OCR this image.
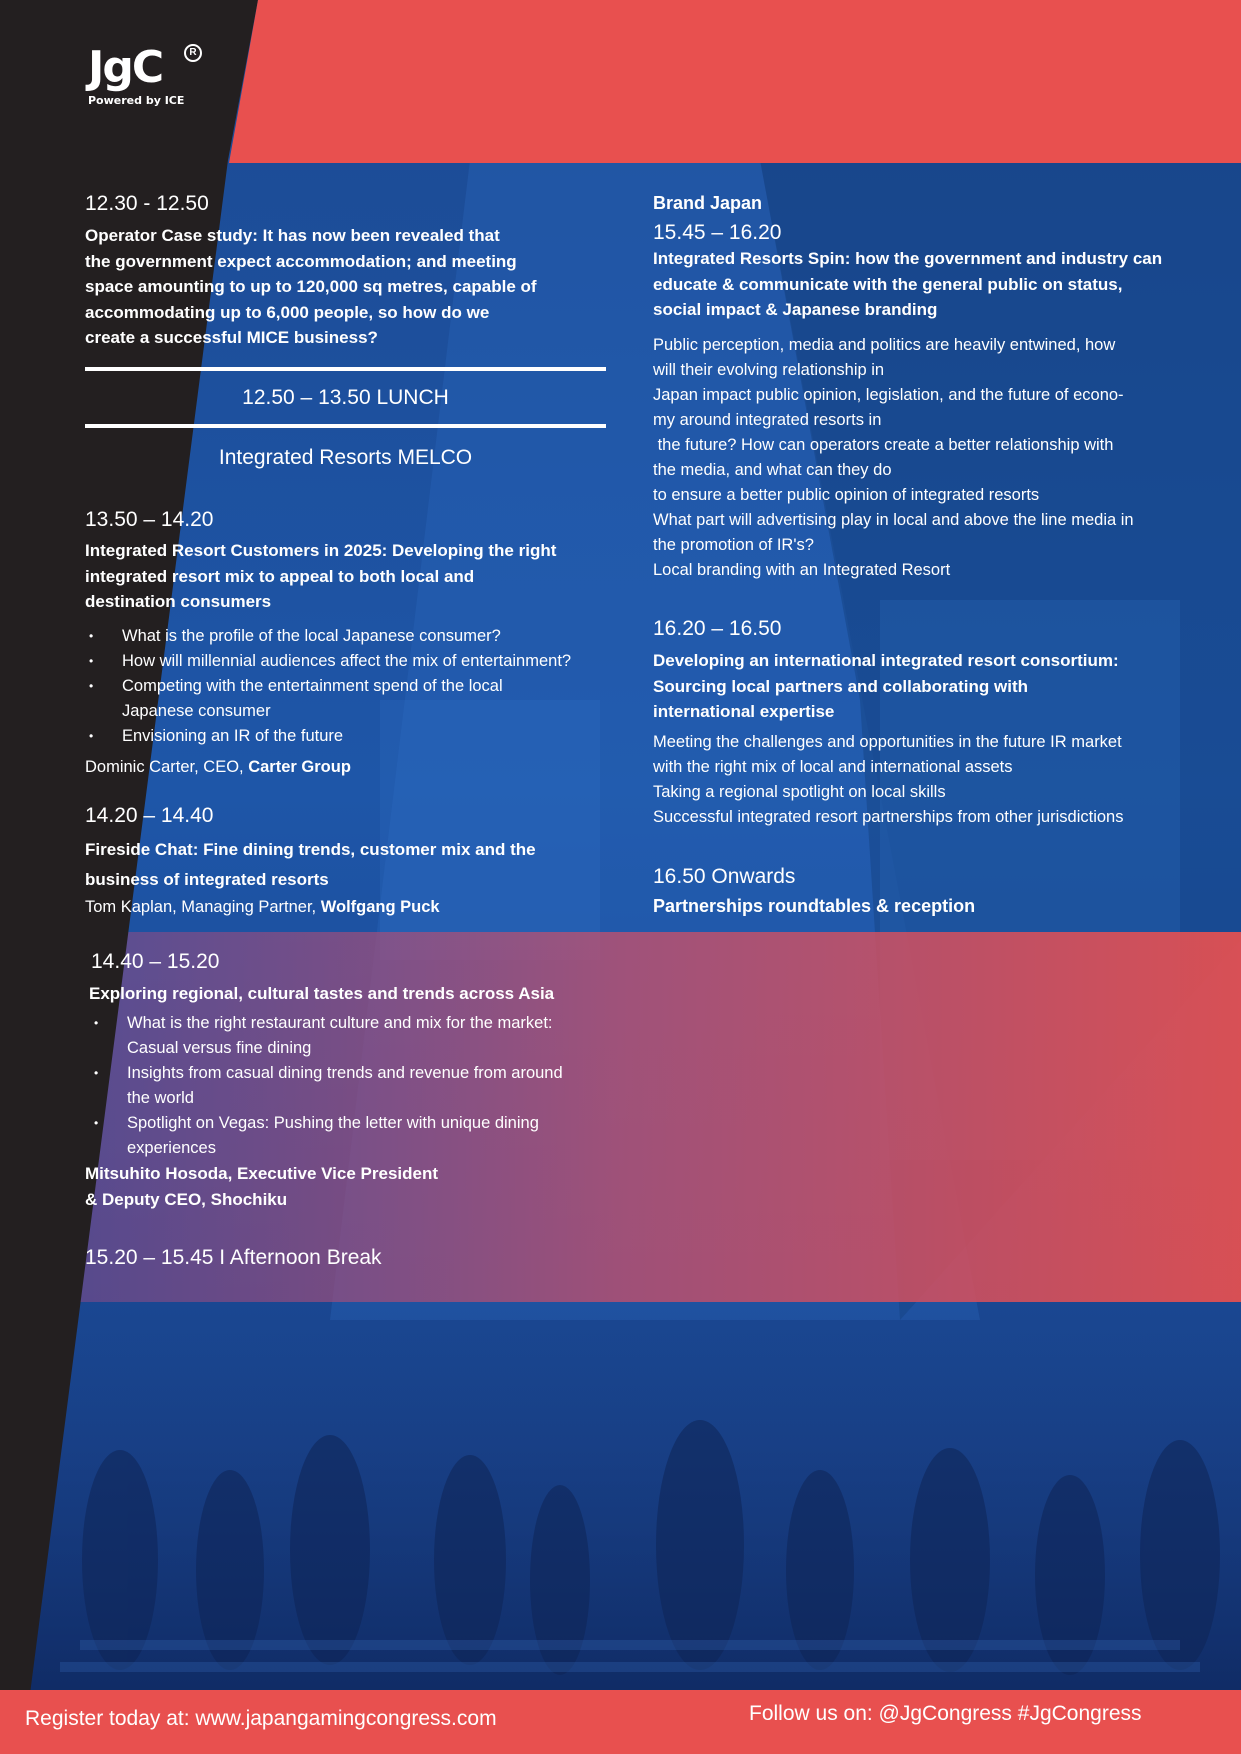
JgC	R
Powered by ICE
12.30 - 12.50
Operator Case study: It has now been revealed that
the government expect accommodation; and meeting
space amounting to up to 120,000 sq metres, capable of
accommodating up to 6,000 people, so how do we
create a successful MICE business?
12.50 – 13.50 LUNCH
Integrated Resorts MELCO
13.50 – 14.20
Integrated Resort Customers in 2025: Developing the right
integrated resort mix to appeal to both local and
destination consumers
• What is the profile of the local Japanese consumer?
• How will millennial audiences affect the mix of entertainment?
• Competing with the entertainment spend of the local
Japanese consumer
• Envisioning an IR of the future
Dominic Carter, CEO, Carter Group
14.20 – 14.40
Fireside Chat: Fine dining trends, customer mix and the
business of integrated resorts
Tom Kaplan, Managing Partner, Wolfgang Puck
14.40 – 15.20
Exploring regional, cultural tastes and trends across Asia
• What is the right restaurant culture and mix for the market:
Casual versus fine dining
• Insights from casual dining trends and revenue from around
the world
• Spotlight on Vegas: Pushing the letter with unique dining
experiences
Mitsuhito Hosoda, Executive Vice President
& Deputy CEO, Shochiku
15.20 – 15.45 I Afternoon Break
Brand Japan
15.45 – 16.20
Integrated Resorts Spin: how the government and industry can
educate & communicate with the general public on status,
social impact & Japanese branding
Public perception, media and politics are heavily entwined, how
will their evolving relationship in
Japan impact public opinion, legislation, and the future of econo-
my around integrated resorts in
the future? How can operators create a better relationship with
the media, and what can they do
to ensure a better public opinion of integrated resorts
What part will advertising play in local and above the line media in
the promotion of IR's?
Local branding with an Integrated Resort
16.20 – 16.50
Developing an international integrated resort consortium:
Sourcing local partners and collaborating with
international expertise
Meeting the challenges and opportunities in the future IR market
with the right mix of local and international assets
Taking a regional spotlight on local skills
Successful integrated resort partnerships from other jurisdictions
16.50 Onwards
Partnerships roundtables & reception
Register today at: www.japangamingcongress.com	Follow us on: @JgCongress #JgCongress
